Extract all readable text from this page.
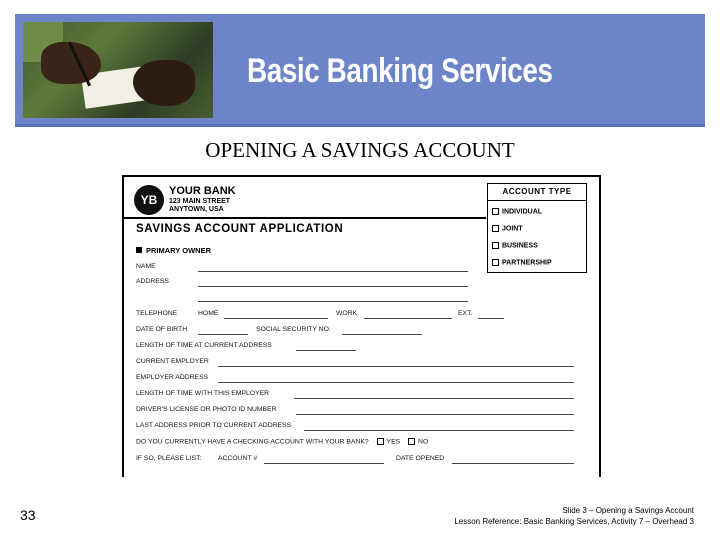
Basic Banking Services
OPENING A SAVINGS ACCOUNT
YB
YOUR BANK
123 MAIN STREET
ANYTOWN, USA
ACCOUNT TYPE
INDIVIDUAL
JOINT
BUSINESS
PARTNERSHIP
SAVINGS ACCOUNT APPLICATION
PRIMARY OWNER
NAME
ADDRESS
TELEPHONE	HOME	WORK	EXT.
DATE OF BIRTH	SOCIAL SECURITY NO.
LENGTH OF TIME AT CURRENT ADDRESS
CURRENT EMPLOYER
EMPLOYER ADDRESS
LENGTH OF TIME WITH THIS EMPLOYER
DRIVER'S LICENSE OR PHOTO ID NUMBER
LAST ADDRESS PRIOR TO CURRENT ADDRESS
DO YOU CURRENTLY HAVE A CHECKING ACCOUNT WITH YOUR BANK?	YES	NO
IF SO, PLEASE LIST: ACCOUNT #	DATE OPENED
33	Slide 3 – Opening a Savings Account
Lesson Reference: Basic Banking Services, Activity 7 – Overhead 3
